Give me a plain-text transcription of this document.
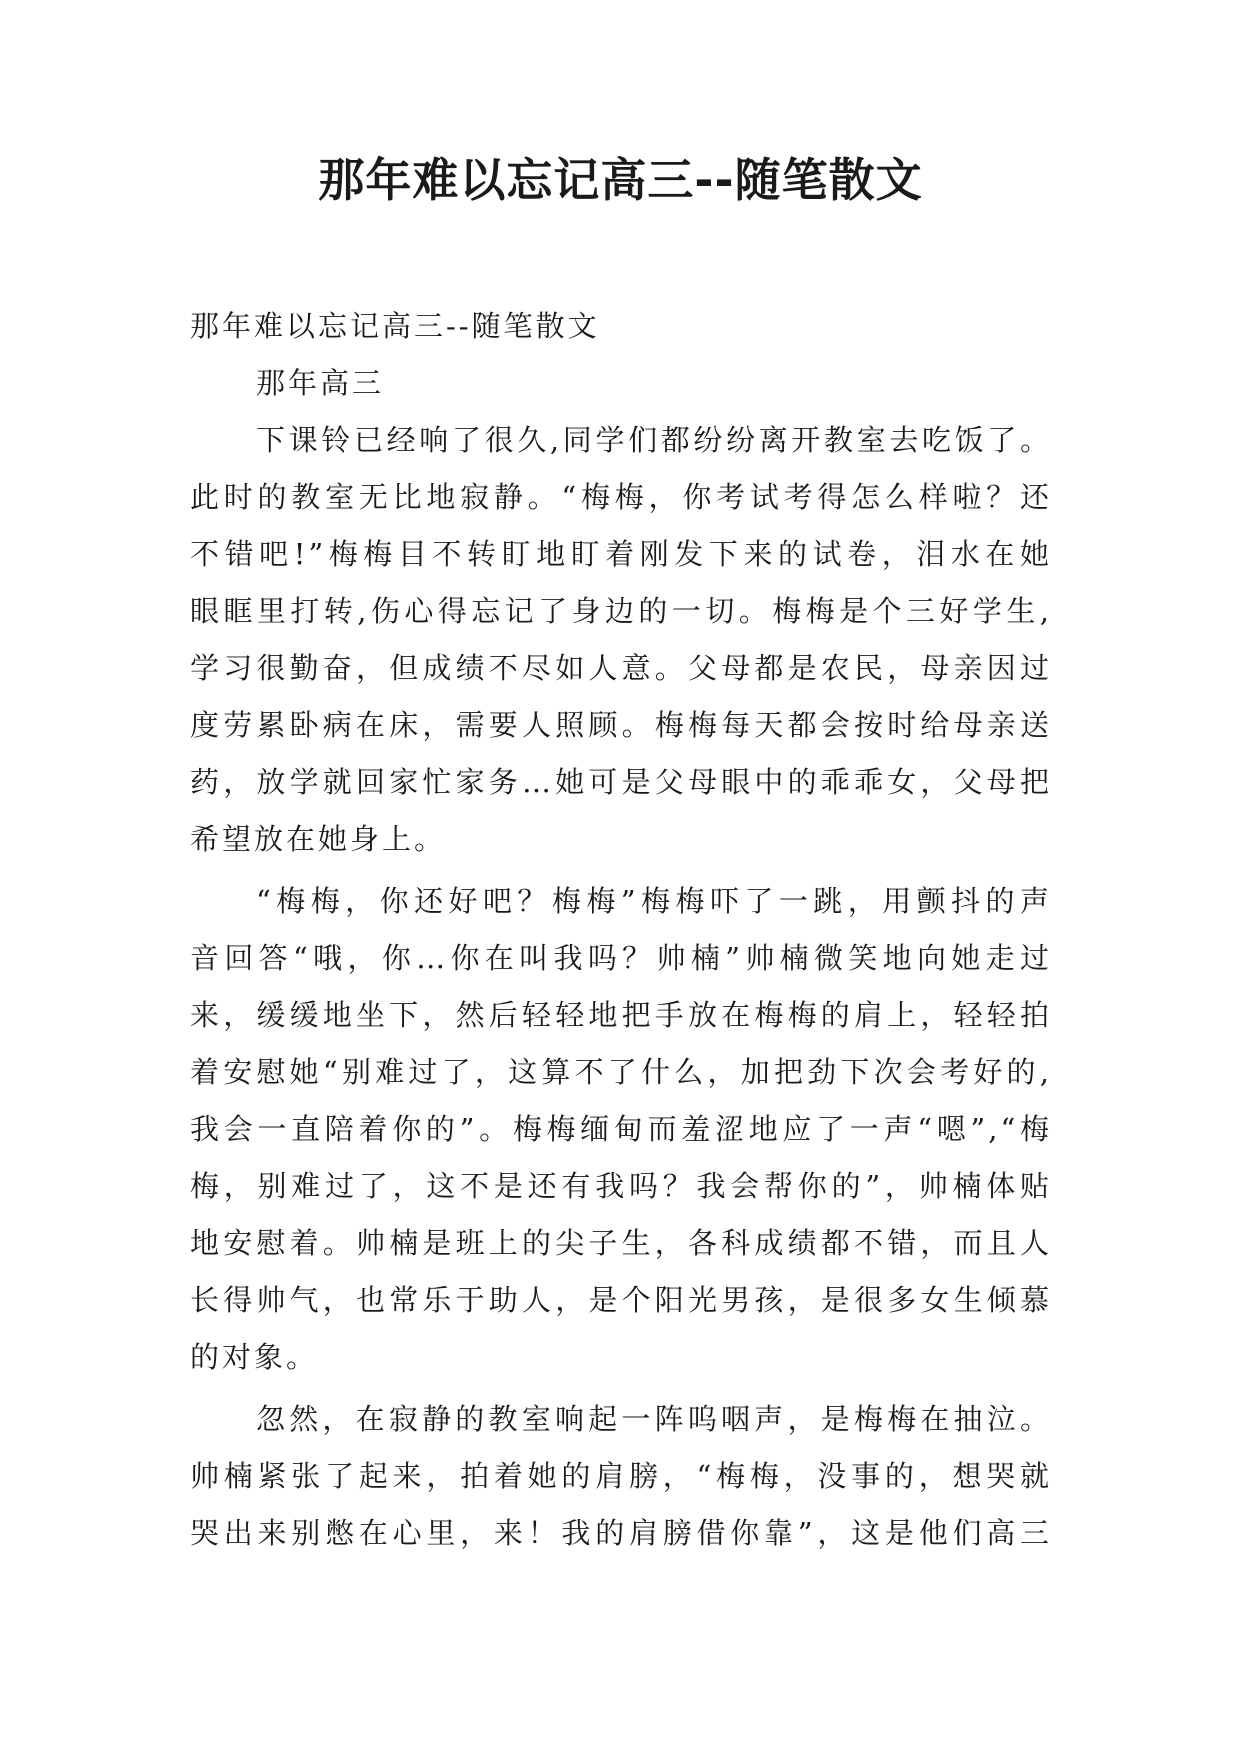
那年难以忘记高三--随笔散文
那年难以忘记高三--随笔散文
那年高三
下课铃已经响了很久,同学们都纷纷离开教室去吃饭了。
此时的教室无比地寂静。“梅梅，你考试考得怎么样啦？还
不错吧!”梅梅目不转盯地盯着刚发下来的试卷，泪水在她
眼眶里打转,伤心得忘记了身边的一切。梅梅是个三好学生,
学习很勤奋，但成绩不尽如人意。父母都是农民，母亲因过
度劳累卧病在床，需要人照顾。梅梅每天都会按时给母亲送
药，放学就回家忙家务…她可是父母眼中的乖乖女，父母把
希望放在她身上。
“梅梅，你还好吧？梅梅”梅梅吓了一跳，用颤抖的声
音回答“哦，你…你在叫我吗？帅楠”帅楠微笑地向她走过
来，缓缓地坐下，然后轻轻地把手放在梅梅的肩上，轻轻拍
着安慰她“别难过了，这算不了什么，加把劲下次会考好的,
我会一直陪着你的”。梅梅缅甸而羞涩地应了一声“嗯”,“梅
梅，别难过了，这不是还有我吗？我会帮你的”，帅楠体贴
地安慰着。帅楠是班上的尖子生，各科成绩都不错，而且人
长得帅气，也常乐于助人，是个阳光男孩，是很多女生倾慕
的对象。
忽然，在寂静的教室响起一阵呜咽声，是梅梅在抽泣。
帅楠紧张了起来，拍着她的肩膀，“梅梅，没事的，想哭就
哭出来别憋在心里，来！我的肩膀借你靠”，这是他们高三
